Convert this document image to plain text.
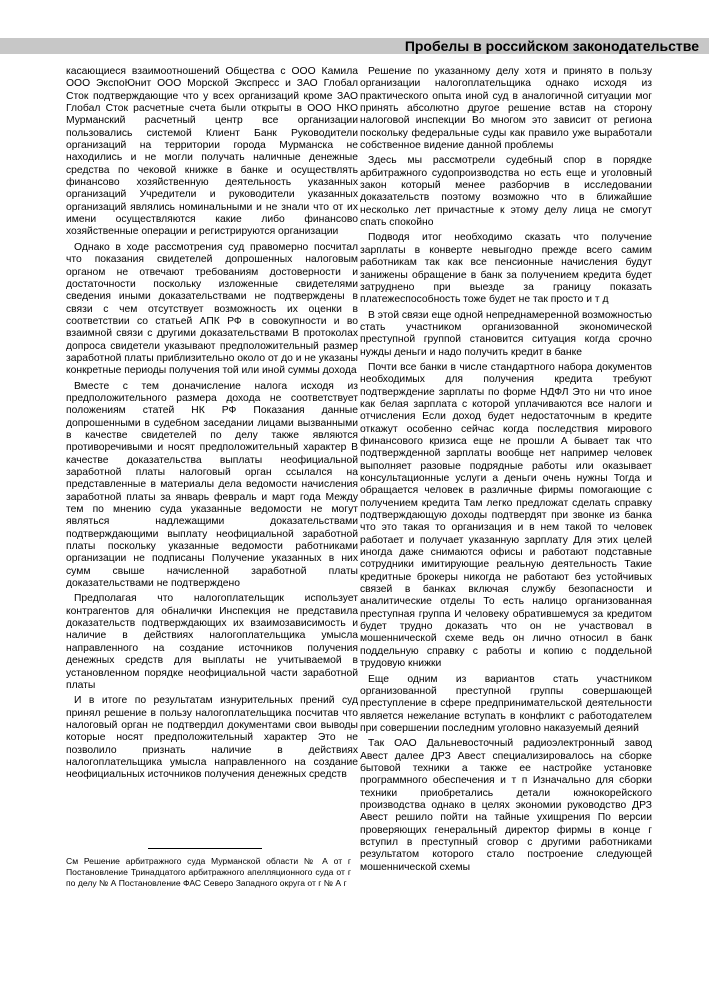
Пробелы в российском законодательстве

касающиеся взаимоотношений Общества с ООО Камила ООО ЭкспоЮнит ООО Морской Экспресс и ЗАО Глобал Сток подтверждающие что у всех организаций кроме ЗАО Глобал Сток расчетные счета были открыты в ООО НКО Мурманский расчетный центр все организации пользовались системой Клиент Банк Руководители организаций на территории города Мурманска не находились и не могли получать наличные денежные средства по чековой книжке в банке и осуществлять финансово хозяйственную деятельность указанных организаций Учредители и руководители указанных организаций являлись номинальными и не знали что от их имени осуществляются какие либо финансово хозяйственные операции и регистрируются организации

Однако в ходе рассмотрения суд правомерно посчитал что показания свидетелей допрошенных налоговым органом не отвечают требованиям достоверности и достаточности поскольку изложенные свидетелями сведения иными доказательствами не подтверждены в связи с чем отсутствует возможность их оценки в соответствии со статьей АПК РФ в совокупности и во взаимной связи с другими доказательствами В протоколах допроса свидетели указывают предположительный размер заработной платы приблизительно около от до и не указаны конкретные периоды получения той или иной суммы дохода

Вместе с тем доначисление налога исходя из предположительного размера дохода не соответствует положениям статей НК РФ Показания данные допрошенными в судебном заседании лицами вызванными в качестве свидетелей по делу также являются противоречивыми и носят предположительный характер В качестве доказательства выплаты неофициальной заработной платы налоговый орган ссылался на представленные в материалы дела ведомости начисления заработной платы за январь февраль и март года Между тем по мнению суда указанные ведомости не могут являться надлежащими доказательствами подтверждающими выплату неофициальной заработной платы поскольку указанные ведомости работниками организации не подписаны Получение указанных в них сумм свыше начисленной заработной платы доказательствами не подтверждено

Предполагая что налогоплательщик использует контрагентов для обналички Инспекция не представила доказательств подтверждающих их взаимозависимость и наличие в действиях налогоплательщика умысла направленного на создание источников получения денежных средств для выплаты не учитываемой в установленном порядке неофициальной части заработной платы

И в итоге по результатам изнурительных прений суд принял решение в пользу налогоплательщика посчитав что налоговый орган не подтвердил документами свои выводы которые носят предположительный характер Это не позволило признать наличие в действиях налогоплательщика умысла направленного на создание неофициальных источников получения денежных средств

Решение по указанному делу хотя и принято в пользу организации налогоплательщика однако исходя из практического опыта иной суд в аналогичной ситуации мог принять абсолютно другое решение встав на сторону налоговой инспекции Во многом это зависит от региона поскольку федеральные суды как правило уже выработали собственное видение данной проблемы

Здесь мы рассмотрели судебный спор в порядке арбитражного судопроизводства но есть еще и уголовный закон который менее разборчив в исследовании доказательств поэтому возможно что в ближайшие несколько лет причастные к этому делу лица не смогут спать спокойно

Подводя итог необходимо сказать что получение зарплаты в конверте невыгодно прежде всего самим работникам так как все пенсионные начисления будут занижены обращение в банк за получением кредита будет затруднено при выезде за границу показать платежеспособность тоже будет не так просто и т д

В этой связи еще одной непреднамеренной возможностью стать участником организованной экономической преступной группой становится ситуация когда срочно нужды деньги и надо получить кредит в банке

Почти все банки в числе стандартного набора документов необходимых для получения кредита требуют подтверждение зарплаты по форме НДФЛ Это ни что иное как белая зарплата с которой уплачиваются все налоги и отчисления Если доход будет недостаточным в кредите откажут особенно сейчас когда последствия мирового финансового кризиса еще не прошли А бывает так что подтвержденной зарплаты вообще нет например человек выполняет разовые подрядные работы или оказывает консультационные услуги а деньги очень нужны Тогда и обращается человек в различные фирмы помогающие с получением кредита Там легко предложат сделать справку подтверждающую доходы подтвердят при звонке из банка что это такая то организация и в нем такой то человек работает и получает указанную зарплату Для этих целей иногда даже снимаются офисы и работают подставные сотрудники имитирующие реальную деятельность Такие кредитные брокеры никогда не работают без устойчивых связей в банках включая службу безопасности и аналитические отделы То есть налицо организованная преступная группа И человеку обратившемуся за кредитом будет трудно доказать что он не участвовал в мошеннической схеме ведь он лично относил в банк поддельную справку с работы и копию с поддельной трудовую книжки

Еще одним из вариантов стать участником организованной преступной группы совершающей преступление в сфере предпринимательской деятельности является нежелание вступать в конфликт с работодателем при совершении последним уголовно наказуемый деяний

Так ОАО Дальневосточный радиоэлектронный завод Авест далее ДРЗ Авест специализировалось на сборке бытовой техники а также ее настройке установке программного обеспечения и т п Изначально для сборки техники приобретались детали южнокорейского производства однако в целях экономии руководство ДРЗ Авест решило пойти на тайные ухищрения По версии проверяющих генеральный директор фирмы в конце г вступил в преступный сговор с другими работниками результатом которого стало построение следующей мошеннической схемы

См Решение арбитражного суда Мурманской области № А от г Постановление Тринадцатого арбитражного апелляционного суда от г по делу № А Постановление ФАС Северо Западного округа от г № А г
